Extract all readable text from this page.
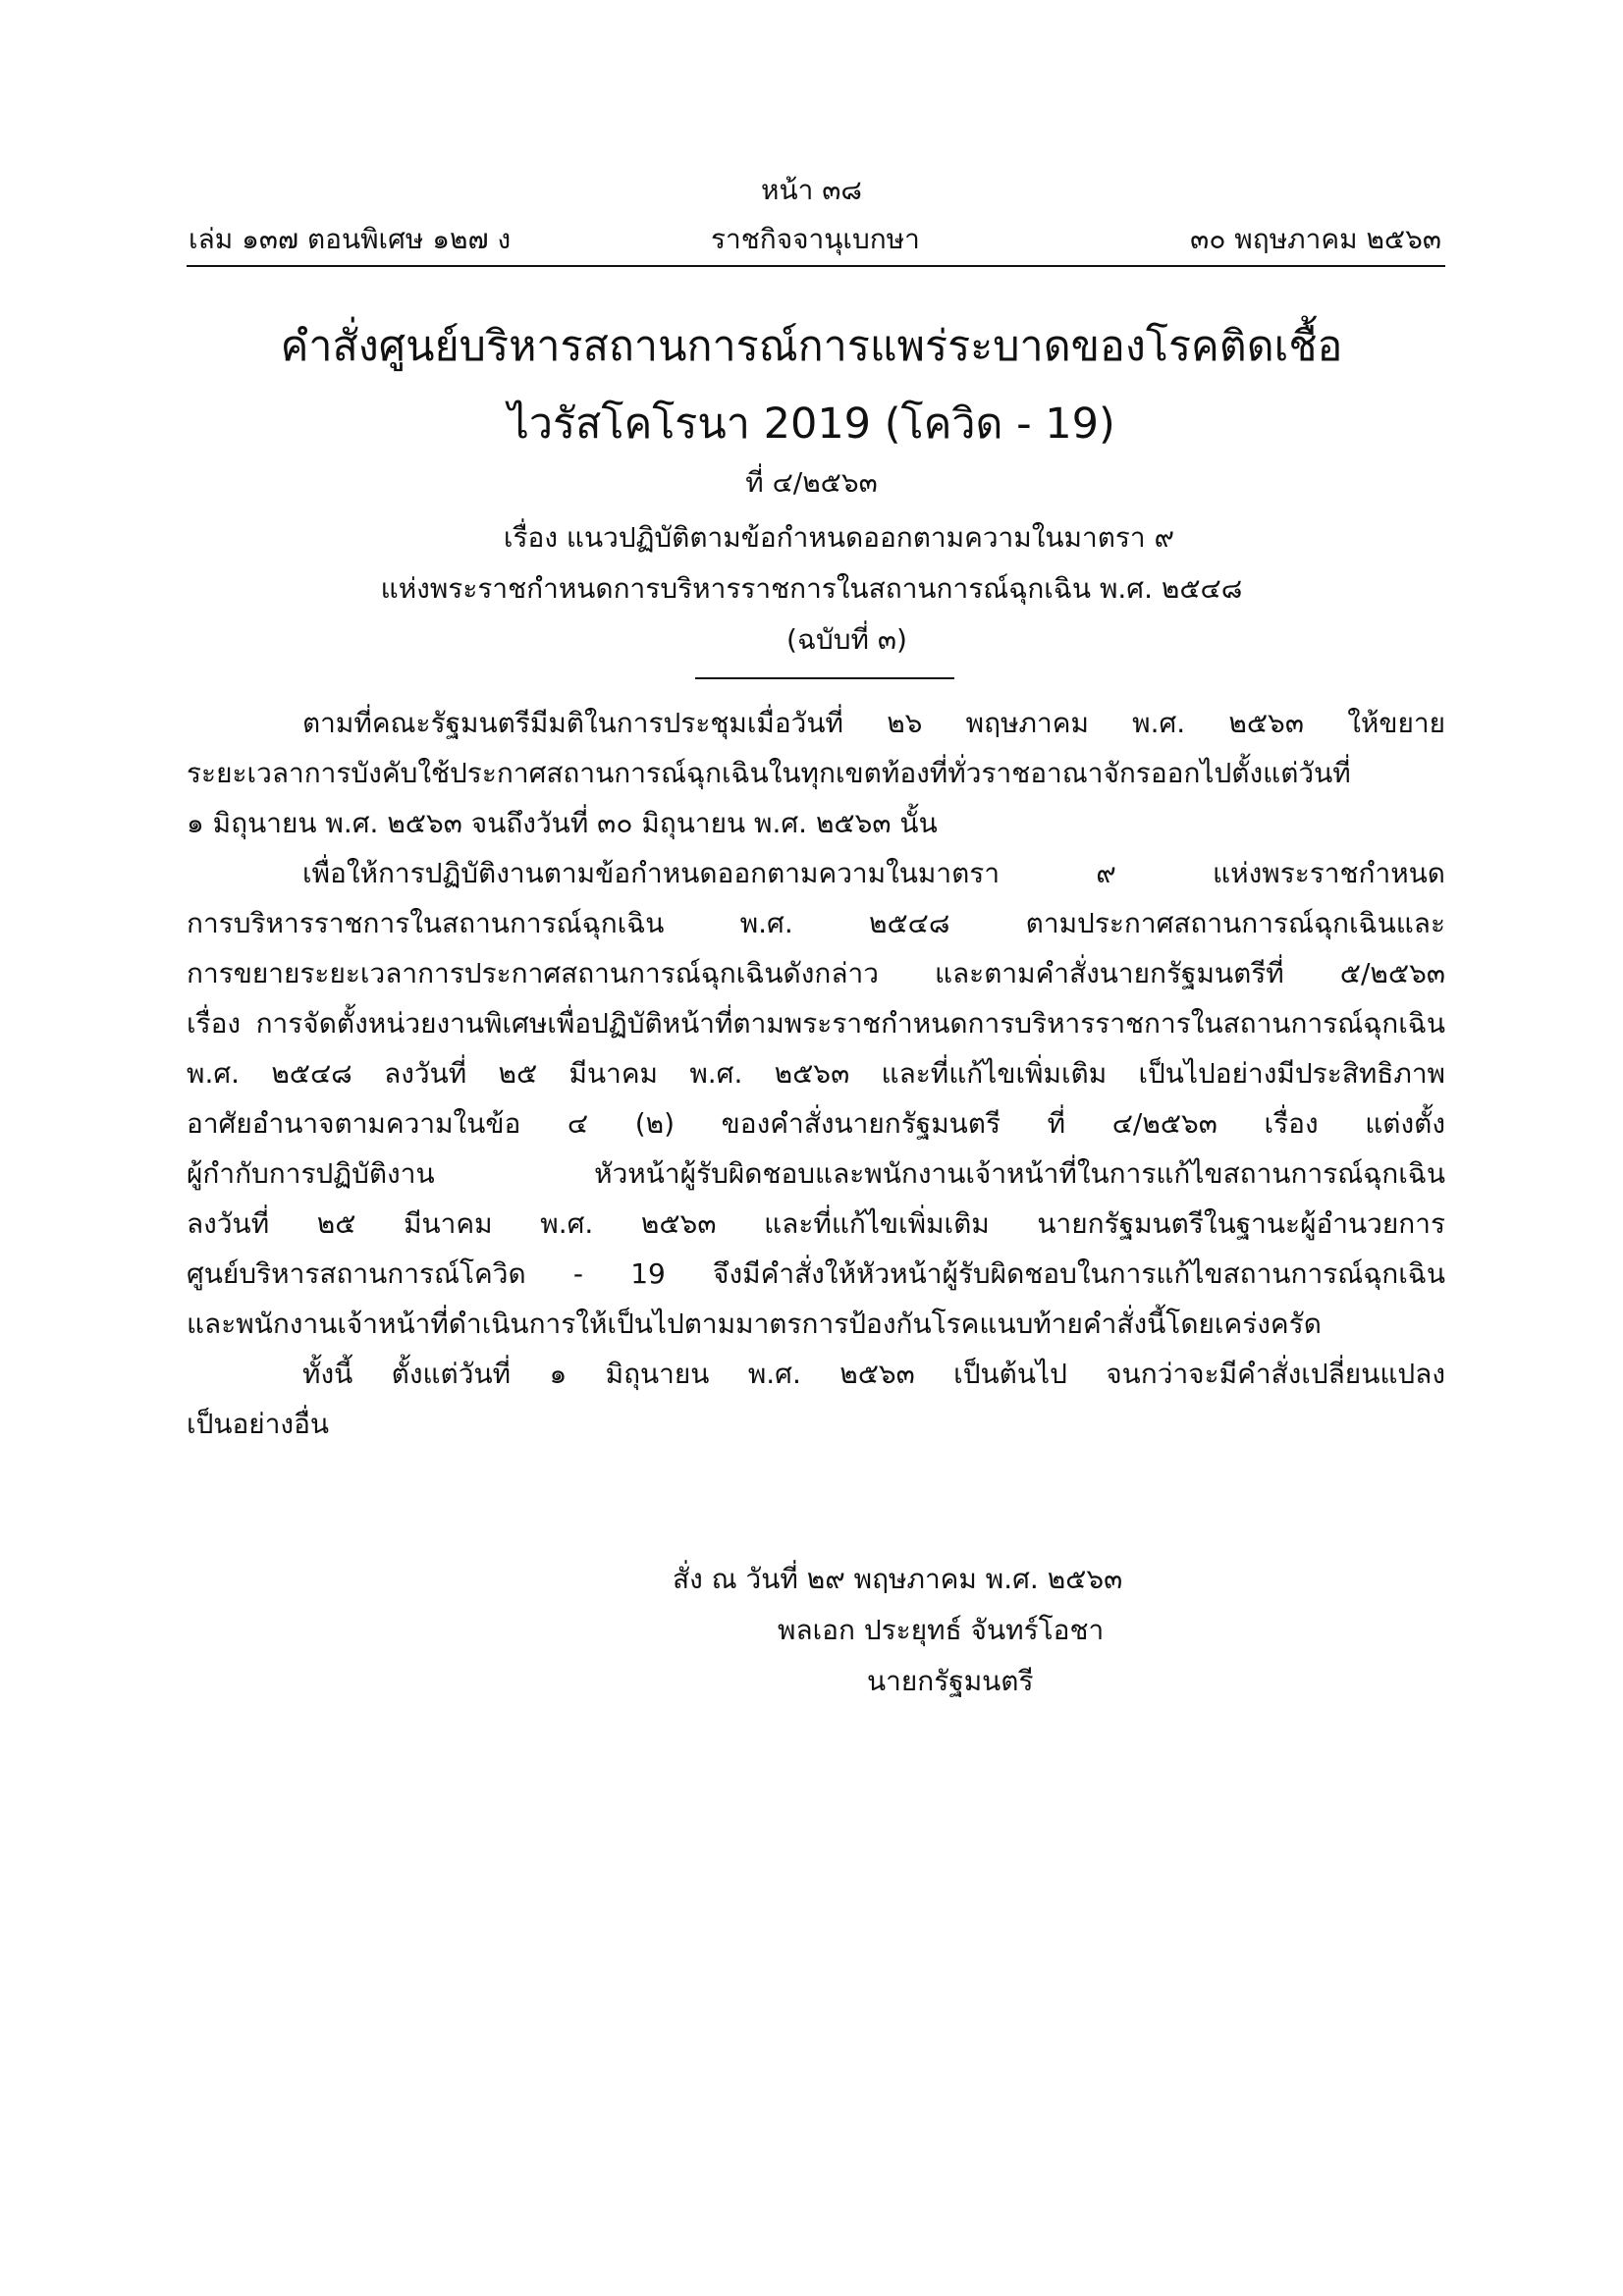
หน้า ๓๘
เล่ม ๑๓๗ ตอนพิเศษ ๑๒๗ ง	ราชกิจจานุเบกษา	๓๐ พฤษภาคม ๒๕๖๓
คำสั่งศูนย์บริหารสถานการณ์การแพร่ระบาดของโรคติดเชื้อ
ไวรัสโคโรนา 2019 (โควิด - 19)
ที่ ๔/๒๕๖๓
เรื่อง แนวปฏิบัติตามข้อกำหนดออกตามความในมาตรา ๙
แห่งพระราชกำหนดการบริหารราชการในสถานการณ์ฉุกเฉิน พ.ศ. ๒๕๔๘
(ฉบับที่ ๓)

ตามที่คณะรัฐมนตรีมีมติในการประชุมเมื่อวันที่ ๒๖ พฤษภาคม พ.ศ. ๒๕๖๓ ให้ขยาย
ระยะเวลาการบังคับใช้ประกาศสถานการณ์ฉุกเฉินในทุกเขตท้องที่ทั่วราชอาณาจักรออกไปตั้งแต่วันที่

๑ มิถุนายน พ.ศ. ๒๕๖๓ จนถึงวันที่ ๓๐ มิถุนายน พ.ศ. ๒๕๖๓ นั้น

เพื่อให้การปฏิบัติงานตามข้อกำหนดออกตามความในมาตรา ๙ แห่งพระราชกำหนด
การบริหารราชการในสถานการณ์ฉุกเฉิน พ.ศ. ๒๕๔๘ ตามประกาศสถานการณ์ฉุกเฉินและ
การขยายระยะเวลาการประกาศสถานการณ์ฉุกเฉินดังกล่าว และตามคำสั่งนายกรัฐมนตรีที่ ๕/๒๕๖๓
เรื่อง การจัดตั้งหน่วยงานพิเศษเพื่อปฏิบัติหน้าที่ตามพระราชกำหนดการบริหารราชการในสถานการณ์ฉุกเฉิน
พ.ศ. ๒๕๔๘ ลงวันที่ ๒๕ มีนาคม พ.ศ. ๒๕๖๓ และที่แก้ไขเพิ่มเติม เป็นไปอย่างมีประสิทธิภาพ
อาศัยอำนาจตามความในข้อ ๔ (๒) ของคำสั่งนายกรัฐมนตรี ที่ ๔/๒๕๖๓ เรื่อง แต่งตั้ง
ผู้กำกับการปฏิบัติงาน หัวหน้าผู้รับผิดชอบและพนักงานเจ้าหน้าที่ในการแก้ไขสถานการณ์ฉุกเฉิน
ลงวันที่ ๒๕ มีนาคม พ.ศ. ๒๕๖๓ และที่แก้ไขเพิ่มเติม นายกรัฐมนตรีในฐานะผู้อำนวยการ
ศูนย์บริหารสถานการณ์โควิด - 19 จึงมีคำสั่งให้หัวหน้าผู้รับผิดชอบในการแก้ไขสถานการณ์ฉุกเฉิน

และพนักงานเจ้าหน้าที่ดำเนินการให้เป็นไปตามมาตรการป้องกันโรคแนบท้ายคำสั่งนี้โดยเคร่งครัด

ทั้งนี้ ตั้งแต่วันที่ ๑ มิถุนายน พ.ศ. ๒๕๖๓ เป็นต้นไป จนกว่าจะมีคำสั่งเปลี่ยนแปลง

เป็นอย่างอื่น

สั่ง ณ วันที่ ๒๙ พฤษภาคม พ.ศ. ๒๕๖๓
พลเอก ประยุทธ์ จันทร์โอชา
นายกรัฐมนตรี
